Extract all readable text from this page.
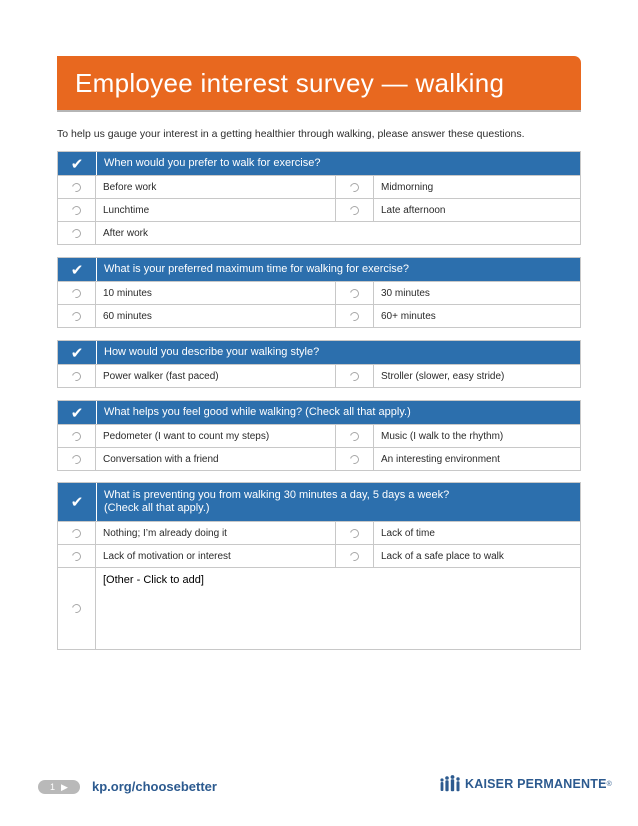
Employee interest survey — walking
To help us gauge your interest in a getting healthier through walking, please answer these questions.
✔	When would you prefer to walk for exercise?
Before work	Midmorning
Lunchtime	Late afternoon
After work
✔	What is your preferred maximum time for walking for exercise?
10 minutes	30 minutes
60 minutes	60+ minutes
✔	How would you describe your walking style?
Power walker (fast paced)	Stroller (slower, easy stride)
✔	What helps you feel good while walking? (Check all that apply.)
Pedometer (I want to count my steps)	Music (I walk to the rhythm)
Conversation with a friend	An interesting environment
✔	What is preventing you from walking 30 minutes a day, 5 days a week?
(Check all that apply.)
Nothing; I’m already doing it	Lack of time
Lack of motivation or interest	Lack of a safe place to walk
[Other - Click to add]
1 ▶ kp.org/choosebetter	KAISER PERMANENTE ®
